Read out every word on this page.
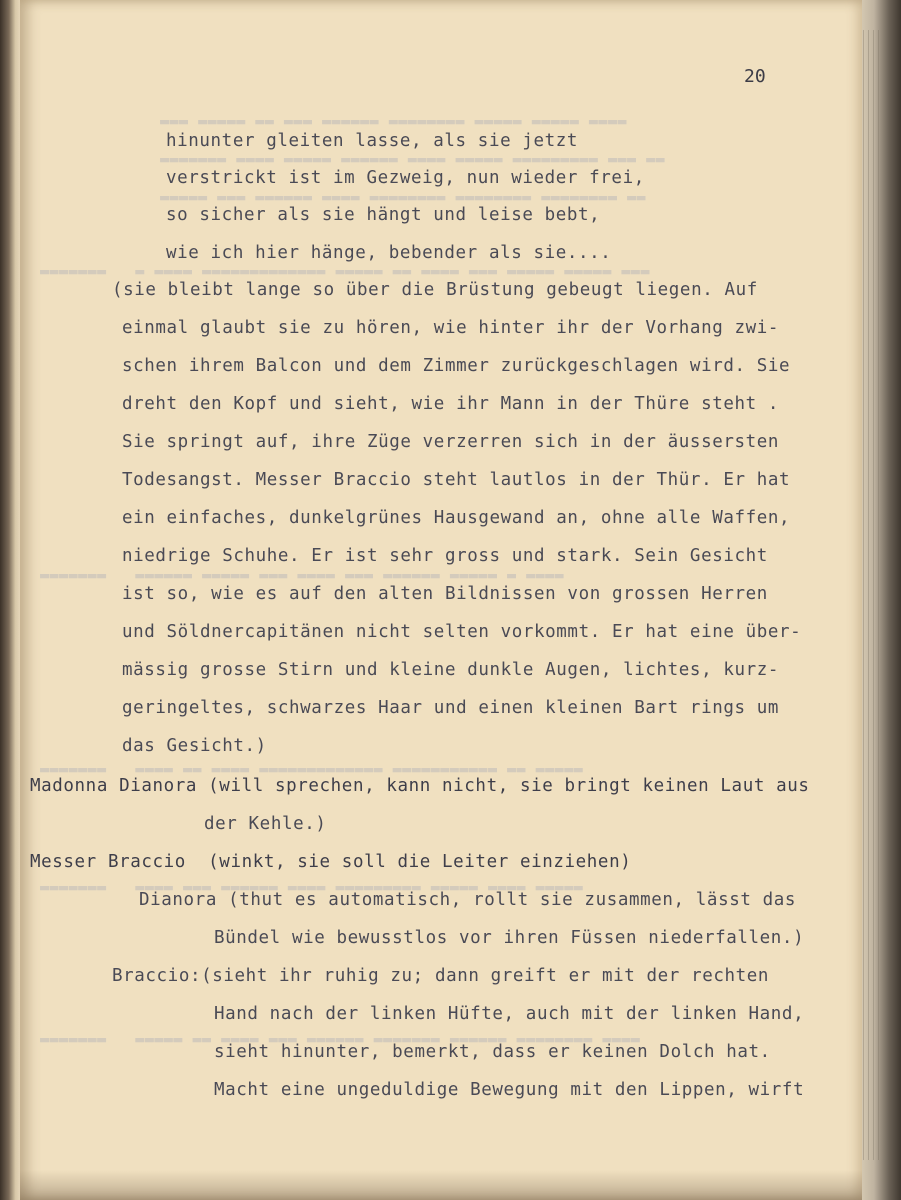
▬▬▬ ▬▬▬▬▬ ▬▬ ▬▬▬ ▬▬▬▬▬▬ ▬▬▬▬▬▬▬▬ ▬▬▬▬▬ ▬▬▬▬▬ ▬▬▬▬
▬▬▬▬▬▬▬ ▬▬▬▬ ▬▬▬▬▬ ▬▬▬▬▬▬ ▬▬▬▬ ▬▬▬▬▬ ▬▬▬▬▬▬▬▬▬ ▬▬▬ ▬▬
▬▬▬▬▬ ▬▬▬ ▬▬▬▬▬▬ ▬▬▬▬ ▬▬▬▬▬▬▬▬ ▬▬▬▬▬▬▬▬ ▬▬▬▬▬▬▬▬ ▬▬
▬▬▬▬▬▬▬   ▬ ▬▬▬▬ ▬▬▬▬▬▬▬▬▬▬▬▬▬ ▬▬▬▬▬ ▬▬ ▬▬▬▬ ▬▬▬ ▬▬▬▬▬ ▬▬▬▬▬ ▬▬▬
▬▬▬▬▬▬▬   ▬▬▬▬▬▬ ▬▬▬▬▬ ▬▬▬ ▬▬▬▬ ▬▬▬ ▬▬▬▬▬▬ ▬▬▬▬▬ ▬ ▬▬▬▬
▬▬▬▬▬▬▬   ▬▬▬▬ ▬▬ ▬▬▬▬ ▬▬▬▬▬▬▬▬▬▬▬▬▬ ▬▬▬▬▬▬▬▬▬▬▬ ▬▬ ▬▬▬▬▬
▬▬▬▬▬▬▬   ▬▬▬▬ ▬▬▬ ▬▬▬▬▬▬ ▬▬▬▬ ▬▬▬▬▬▬▬▬▬ ▬▬▬▬▬ ▬▬▬▬ ▬▬▬▬▬
▬▬▬▬▬▬▬   ▬▬▬▬▬ ▬▬ ▬▬▬▬ ▬▬▬ ▬▬▬▬▬▬ ▬▬▬▬▬▬▬ ▬▬▬▬▬▬ ▬▬▬▬▬▬▬▬ ▬▬▬▬
20
hinunter gleiten lasse, als sie jetzt
verstrickt ist im Gezweig, nun wieder frei,
so sicher als sie hängt und leise bebt,
wie ich hier hänge, bebender als sie....
(sie bleibt lange so über die Brüstung gebeugt liegen. Auf
einmal glaubt sie zu hören, wie hinter ihr der Vorhang zwi-
schen ihrem Balcon und dem Zimmer zurückgeschlagen wird. Sie
dreht den Kopf und sieht, wie ihr Mann in der Thüre steht .
Sie springt auf, ihre Züge verzerren sich in der äussersten
Todesangst. Messer Braccio steht lautlos in der Thür. Er hat
ein einfaches, dunkelgrünes Hausgewand an, ohne alle Waffen,
niedrige Schuhe. Er ist sehr gross und stark. Sein Gesicht
ist so, wie es auf den alten Bildnissen von grossen Herren
und Söldnercapitänen nicht selten vorkommt. Er hat eine über-
mässig grosse Stirn und kleine dunkle Augen, lichtes, kurz-
geringeltes, schwarzes Haar und einen kleinen Bart rings um
das Gesicht.)
Madonna Dianora (will sprechen, kann nicht, sie bringt keinen Laut aus
der Kehle.)
Messer Braccio  (winkt, sie soll die Leiter einziehen)
Dianora (thut es automatisch, rollt sie zusammen, lässt das
Bündel wie bewusstlos vor ihren Füssen niederfallen.)
Braccio:(sieht ihr ruhig zu; dann greift er mit der rechten
Hand nach der linken Hüfte, auch mit der linken Hand,
sieht hinunter, bemerkt, dass er keinen Dolch hat.
Macht eine ungeduldige Bewegung mit den Lippen, wirft
